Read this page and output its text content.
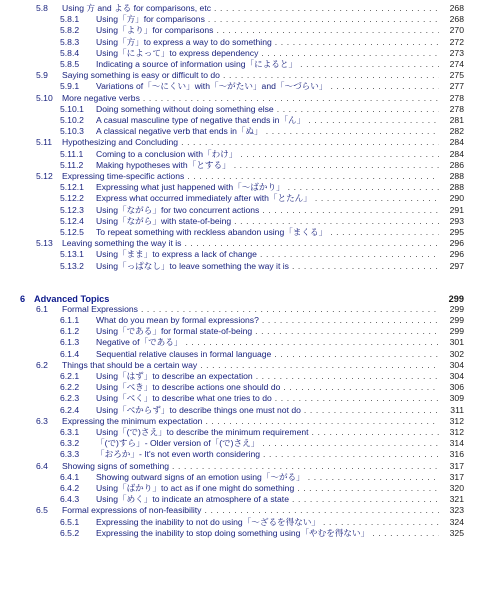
5.8	Using 方 and よる for comparisons, etc . . .	268
5.8.1	Using「方」for comparisons . . .	268
5.8.2	Using「より」for comparisons . . .	270
5.8.3	Using「方」to express a way to do something . . .	272
5.8.4	Using「によって」to express dependency . . .	273
5.8.5	Indicating a source of information using「によると」 . . .	274
5.9	Saying something is easy or difficult to do . . .	275
5.9.1	Variations of「～にくい」with「～がたい」and「～づらい」 . . .	277
5.10	More negative verbs . . .	278
5.10.1	Doing something without doing something else . . .	278
5.10.2	A casual masculine type of negative that ends in「ん」 . . .	281
5.10.3	A classical negative verb that ends in「ぬ」 . . .	282
5.11	Hypothesizing and Concluding . . .	284
5.11.1	Coming to a conclusion with「わけ」 . . .	284
5.11.2	Making hypotheses with「とする」 . . .	286
5.12	Expressing time-specific actions . . .	288
5.12.1	Expressing what just happened with「～ばかり」 . . .	288
5.12.2	Express what occurred immediately after with「とたん」 . . .	290
5.12.3	Using「ながら」for two concurrent actions . . .	291
5.12.4	Using「ながら」with state-of-being . . .	293
5.12.5	To repeat something with reckless abandon using「まくる」 . . .	295
5.13	Leaving something the way it is . . .	296
5.13.1	Using「まま」to express a lack of change . . .	296
5.13.2	Using「っぱなし」to leave something the way it is . . .	297
6 Advanced Topics	299
6.1	Formal Expressions . . .	299
6.1.1	What do you mean by formal expressions? . . .	299
6.1.2	Using「である」for formal state-of-being . . .	299
6.1.3	Negative of「である」 . . .	301
6.1.4	Sequential relative clauses in formal language . . .	302
6.2	Things that should be a certain way . . .	304
6.2.1	Using「はず」to describe an expectation . . .	304
6.2.2	Using「べき」to describe actions one should do . . .	306
6.2.3	Using「べく」to describe what one tries to do . . .	309
6.2.4	Using「べからず」to describe things one must not do . . .	311
6.3	Expressing the minimum expectation . . .	312
6.3.1	Using「(で)さえ」to describe the minimum requirement . . .	312
6.3.2	「(で)すら」- Older version of「(で)さえ」 . . .	314
6.3.3	「おろか」- It's not even worth considering . . .	316
6.4	Showing signs of something . . .	317
6.4.1	Showing outward signs of an emotion using「～がる」 . . .	317
6.4.2	Using「ばかり」to act as if one might do something . . .	320
6.4.3	Using「めく」to indicate an atmosphere of a state . . .	321
6.5	Formal expressions of non-feasibility . . .	323
6.5.1	Expressing the inability to not do using「～ざるを得ない」 . . .	324
6.5.2	Expressing the inability to stop doing something using「やむを得ない」 . . .	325
